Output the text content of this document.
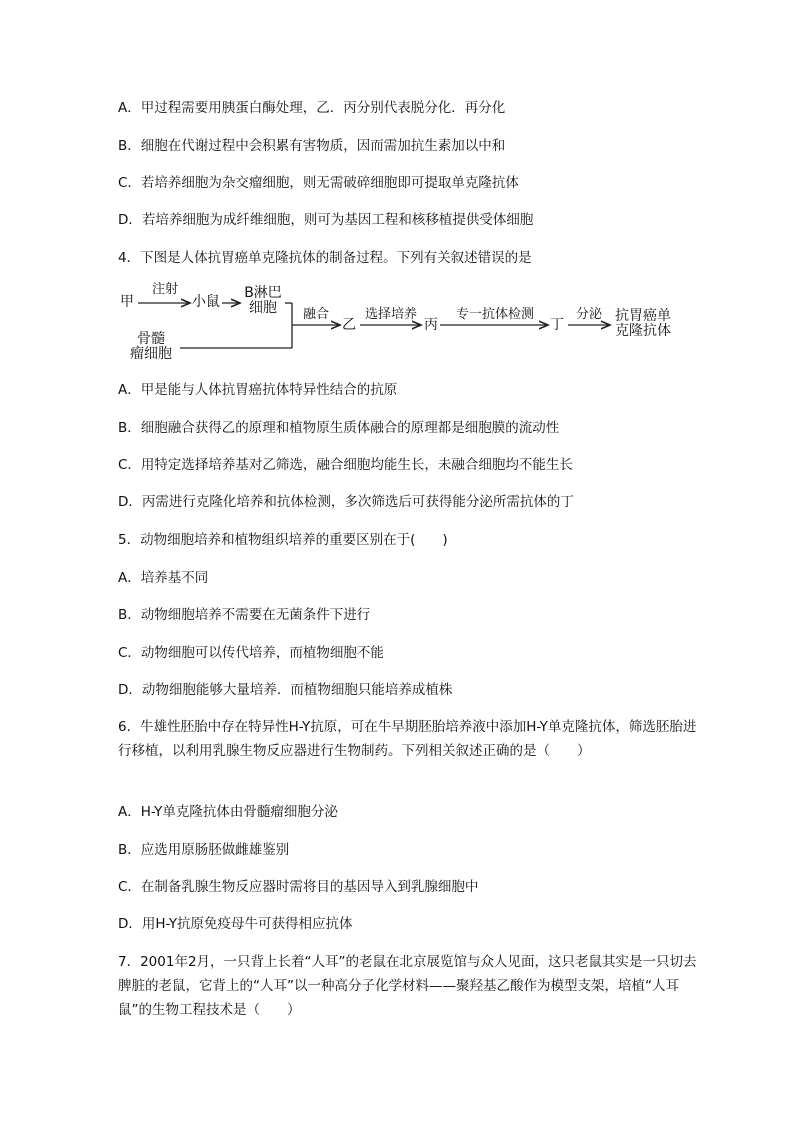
A．甲过程需要用胰蛋白酶处理，乙．丙分别代表脱分化．再分化
B．细胞在代谢过程中会积累有害物质，因而需加抗生素加以中和
C．若培养细胞为杂交瘤细胞，则无需破碎细胞即可提取单克隆抗体
D．若培养细胞为成纤维细胞，则可为基因工程和核移植提供受体细胞
4．下图是人体抗胃癌单克隆抗体的制备过程。下列有关叙述错误的是
甲
注射
小鼠
B淋巴
细胞
骨髓
瘤细胞
融合
乙
选择培养
丙
专一抗体检测
丁
分泌 抗胃癌单
克隆抗体
A．甲是能与人体抗胃癌抗体特异性结合的抗原
B．细胞融合获得乙的原理和植物原生质体融合的原理都是细胞膜的流动性
C．用特定选择培养基对乙筛选，融合细胞均能生长，未融合细胞均不能生长
D．丙需进行克隆化培养和抗体检测，多次筛选后可获得能分泌所需抗体的丁
5．动物细胞培养和植物组织培养的重要区别在于(　　)
A．培养基不同
B．动物细胞培养不需要在无菌条件下进行
C．动物细胞可以传代培养，而植物细胞不能
D．动物细胞能够大量培养．而植物细胞只能培养成植株
6．牛雄性胚胎中存在特异性H-Y抗原，可在牛早期胚胎培养液中添加H-Y单克隆抗体，筛选胚胎进行移植，以利用乳腺生物反应器进行生物制药。下列相关叙述正确的是（　　）
A．H-Y单克隆抗体由骨髓瘤细胞分泌
B．应选用原肠胚做雌雄鉴别
C．在制备乳腺生物反应器时需将目的基因导入到乳腺细胞中
D．用H-Y抗原免疫母牛可获得相应抗体
7．2001年2月，一只背上长着“人耳”的老鼠在北京展览馆与众人见面，这只老鼠其实是一只切去脾脏的老鼠，它背上的“人耳”以一种高分子化学材料——聚羟基乙酸作为模型支架，培植“人耳鼠”的生物工程技术是（　　）
